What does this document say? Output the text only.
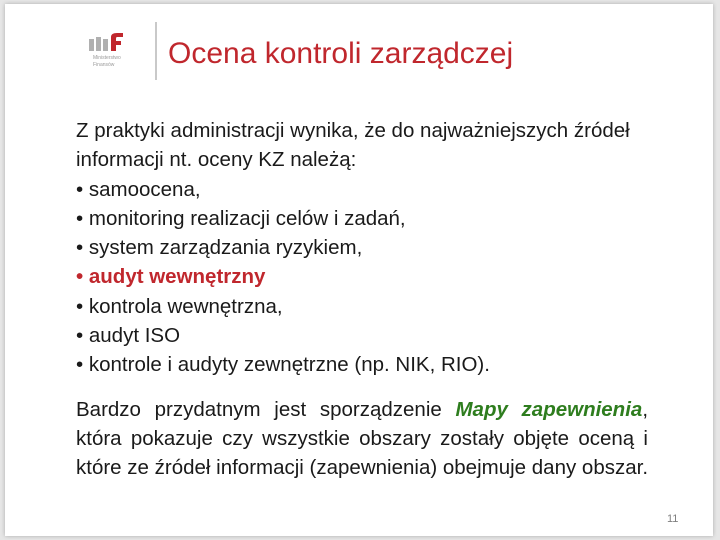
Ministerstwo
Finansów Ocena kontroli zarządczej

Z praktyki administracji wynika, że do najważniejszych źródeł informacji nt. oceny KZ należą:

• samoocena,
• monitoring realizacji celów i zadań,
• system zarządzania ryzykiem,
• audyt wewnętrzny
• kontrola wewnętrzna,
• audyt ISO
• kontrole i audyty zewnętrzne (np. NIK, RIO).
Bardzo przydatnym jest sporządzenie Mapy zapewnienia, która pokazuje czy wszystkie obszary zostały objęte oceną i które ze źródeł informacji (zapewnienia) obejmuje dany obszar.
11
